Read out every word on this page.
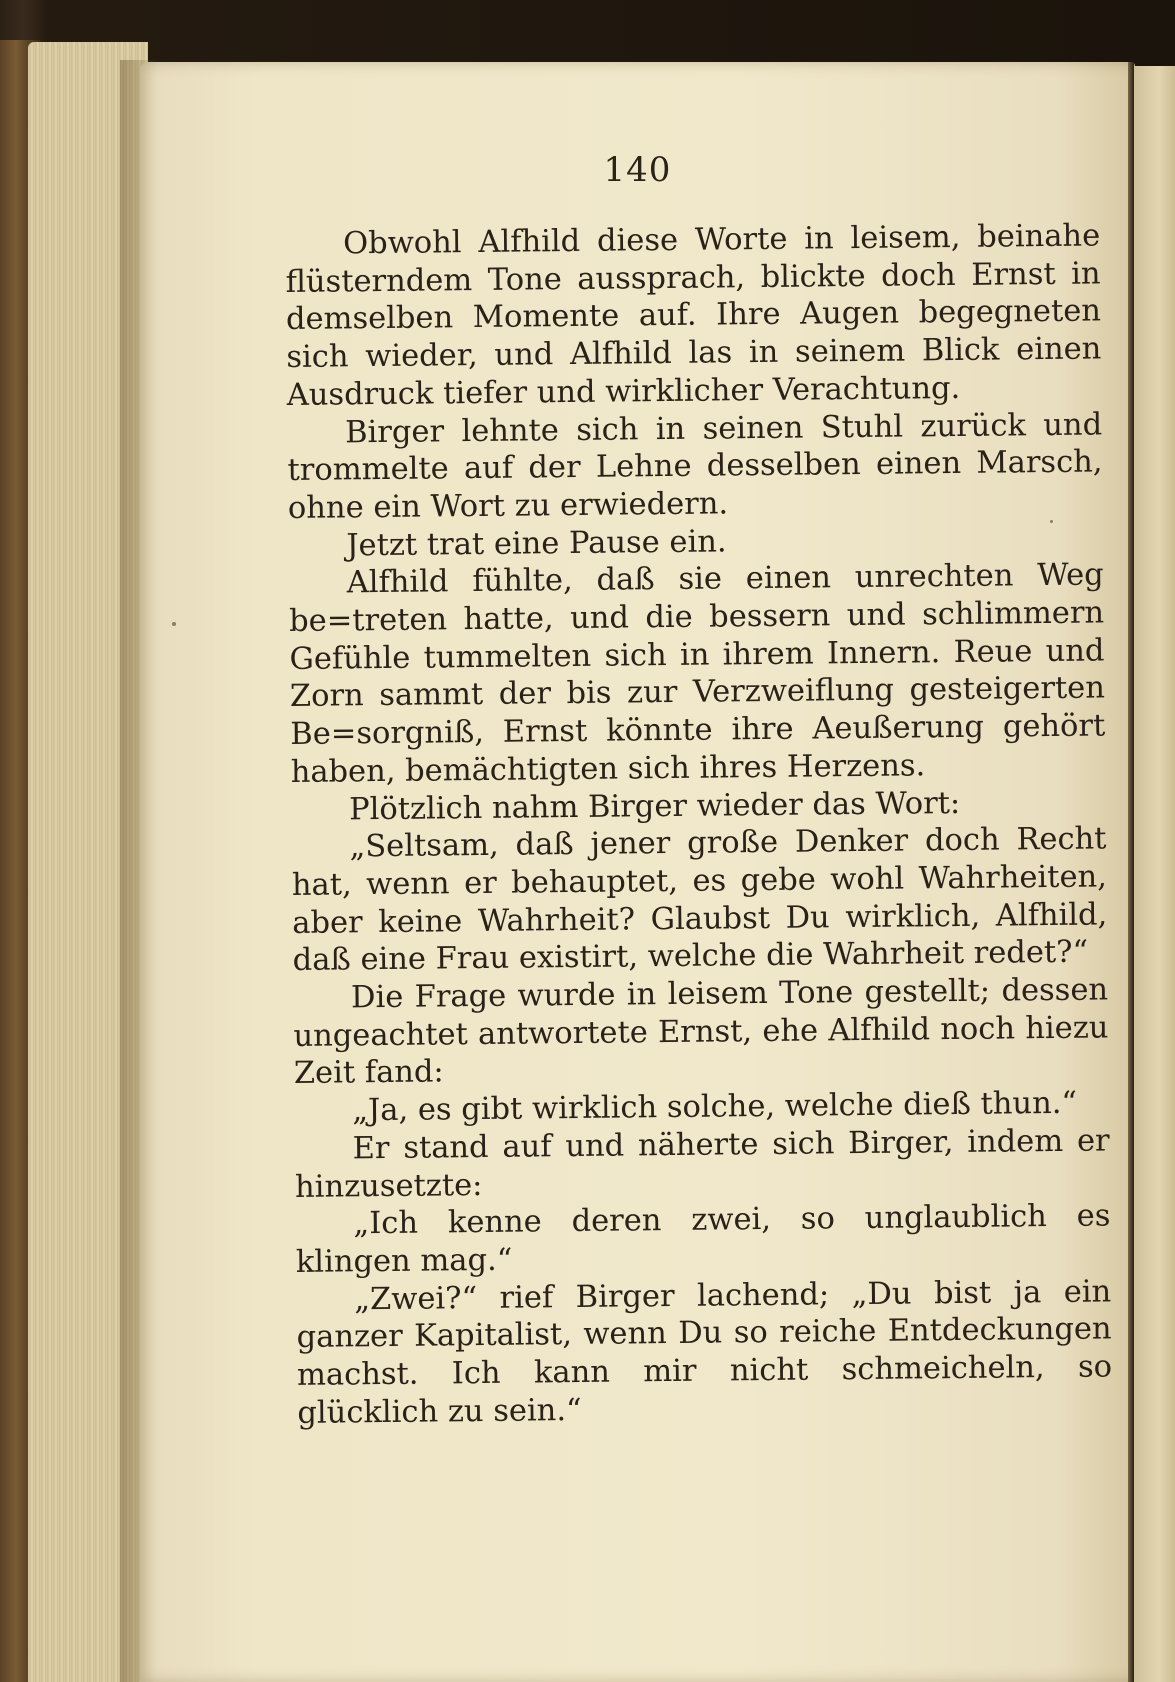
140

Obwohl Alfhild diese Worte in leisem, beinahe flüsterndem Tone aussprach, blickte doch Ernst in demselben Momente auf. Ihre Augen begegneten sich wieder, und Alfhild las in seinem Blick einen Ausdruck tiefer und wirklicher Verachtung.

Birger lehnte sich in seinen Stuhl zurück und trommelte auf der Lehne desselben einen Marsch, ohne ein Wort zu erwiedern.

Jetzt trat eine Pause ein.

Alfhild fühlte, daß sie einen unrechten Weg be=treten hatte, und die bessern und schlimmern Gefühle tummelten sich in ihrem Innern. Reue und Zorn sammt der bis zur Verzweiflung gesteigerten Be=sorgniß, Ernst könnte ihre Aeußerung gehört haben, bemächtigten sich ihres Herzens.

Plötzlich nahm Birger wieder das Wort:

„Seltsam, daß jener große Denker doch Recht hat, wenn er behauptet, es gebe wohl Wahrheiten, aber keine Wahrheit? Glaubst Du wirklich, Alfhild, daß eine Frau existirt, welche die Wahrheit redet?“

Die Frage wurde in leisem Tone gestellt; dessen ungeachtet antwortete Ernst, ehe Alfhild noch hiezu Zeit fand:

„Ja, es gibt wirklich solche, welche dieß thun.“

Er stand auf und näherte sich Birger, indem er hinzusetzte:

„Ich kenne deren zwei, so unglaublich es klingen mag.“

„Zwei?“ rief Birger lachend; „Du bist ja ein ganzer Kapitalist, wenn Du so reiche Entdeckungen machst. Ich kann mir nicht schmeicheln, so glücklich zu sein.“
